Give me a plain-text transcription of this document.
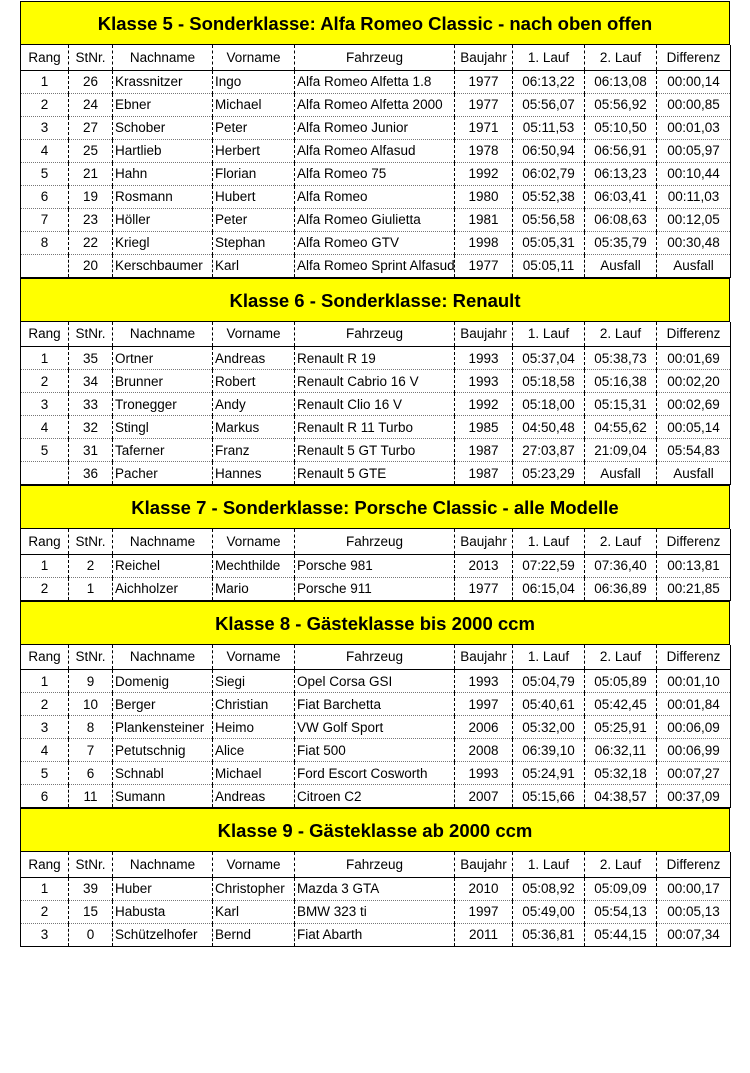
Klasse 5 - Sonderklasse: Alfa Romeo Classic - nach oben offen
Rang	StNr.	Nachname	Vorname	Fahrzeug	Baujahr	1. Lauf	2. Lauf	Differenz
1	26	Krassnitzer	Ingo	Alfa Romeo Alfetta 1.8	1977	06:13,22	06:13,08	00:00,14
2	24	Ebner	Michael	Alfa Romeo Alfetta 2000	1977	05:56,07	05:56,92	00:00,85
3	27	Schober	Peter	Alfa Romeo Junior	1971	05:11,53	05:10,50	00:01,03
4	25	Hartlieb	Herbert	Alfa Romeo Alfasud	1978	06:50,94	06:56,91	00:05,97
5	21	Hahn	Florian	Alfa Romeo 75	1992	06:02,79	06:13,23	00:10,44
6	19	Rosmann	Hubert	Alfa Romeo	1980	05:52,38	06:03,41	00:11,03
7	23	Höller	Peter	Alfa Romeo Giulietta	1981	05:56,58	06:08,63	00:12,05
8	22	Kriegl	Stephan	Alfa Romeo GTV	1998	05:05,31	05:35,79	00:30,48
	20	Kerschbaumer	Karl	Alfa Romeo Sprint Alfasud	1977	05:05,11	Ausfall	Ausfall
Klasse 6 - Sonderklasse: Renault
Rang	StNr.	Nachname	Vorname	Fahrzeug	Baujahr	1. Lauf	2. Lauf	Differenz
1	35	Ortner	Andreas	Renault R 19	1993	05:37,04	05:38,73	00:01,69
2	34	Brunner	Robert	Renault Cabrio 16 V	1993	05:18,58	05:16,38	00:02,20
3	33	Tronegger	Andy	Renault Clio 16 V	1992	05:18,00	05:15,31	00:02,69
4	32	Stingl	Markus	Renault R 11 Turbo	1985	04:50,48	04:55,62	00:05,14
5	31	Taferner	Franz	Renault 5 GT Turbo	1987	27:03,87	21:09,04	05:54,83
	36	Pacher	Hannes	Renault 5 GTE	1987	05:23,29	Ausfall	Ausfall
Klasse 7 - Sonderklasse: Porsche Classic - alle Modelle
Rang	StNr.	Nachname	Vorname	Fahrzeug	Baujahr	1. Lauf	2. Lauf	Differenz
1	2	Reichel	Mechthilde	Porsche 981	2013	07:22,59	07:36,40	00:13,81
2	1	Aichholzer	Mario	Porsche 911	1977	06:15,04	06:36,89	00:21,85
Klasse 8 - Gästeklasse bis 2000 ccm
Rang	StNr.	Nachname	Vorname	Fahrzeug	Baujahr	1. Lauf	2. Lauf	Differenz
1	9	Domenig	Siegi	Opel Corsa GSI	1993	05:04,79	05:05,89	00:01,10
2	10	Berger	Christian	Fiat Barchetta	1997	05:40,61	05:42,45	00:01,84
3	8	Plankensteiner	Heimo	VW Golf Sport	2006	05:32,00	05:25,91	00:06,09
4	7	Petutschnig	Alice	Fiat 500	2008	06:39,10	06:32,11	00:06,99
5	6	Schnabl	Michael	Ford Escort Cosworth	1993	05:24,91	05:32,18	00:07,27
6	11	Sumann	Andreas	Citroen C2	2007	05:15,66	04:38,57	00:37,09
Klasse 9 - Gästeklasse ab 2000 ccm
Rang	StNr.	Nachname	Vorname	Fahrzeug	Baujahr	1. Lauf	2. Lauf	Differenz
1	39	Huber	Christopher	Mazda 3 GTA	2010	05:08,92	05:09,09	00:00,17
2	15	Habusta	Karl	BMW 323 ti	1997	05:49,00	05:54,13	00:05,13
3	0	Schützelhofer	Bernd	Fiat Abarth	2011	05:36,81	05:44,15	00:07,34
